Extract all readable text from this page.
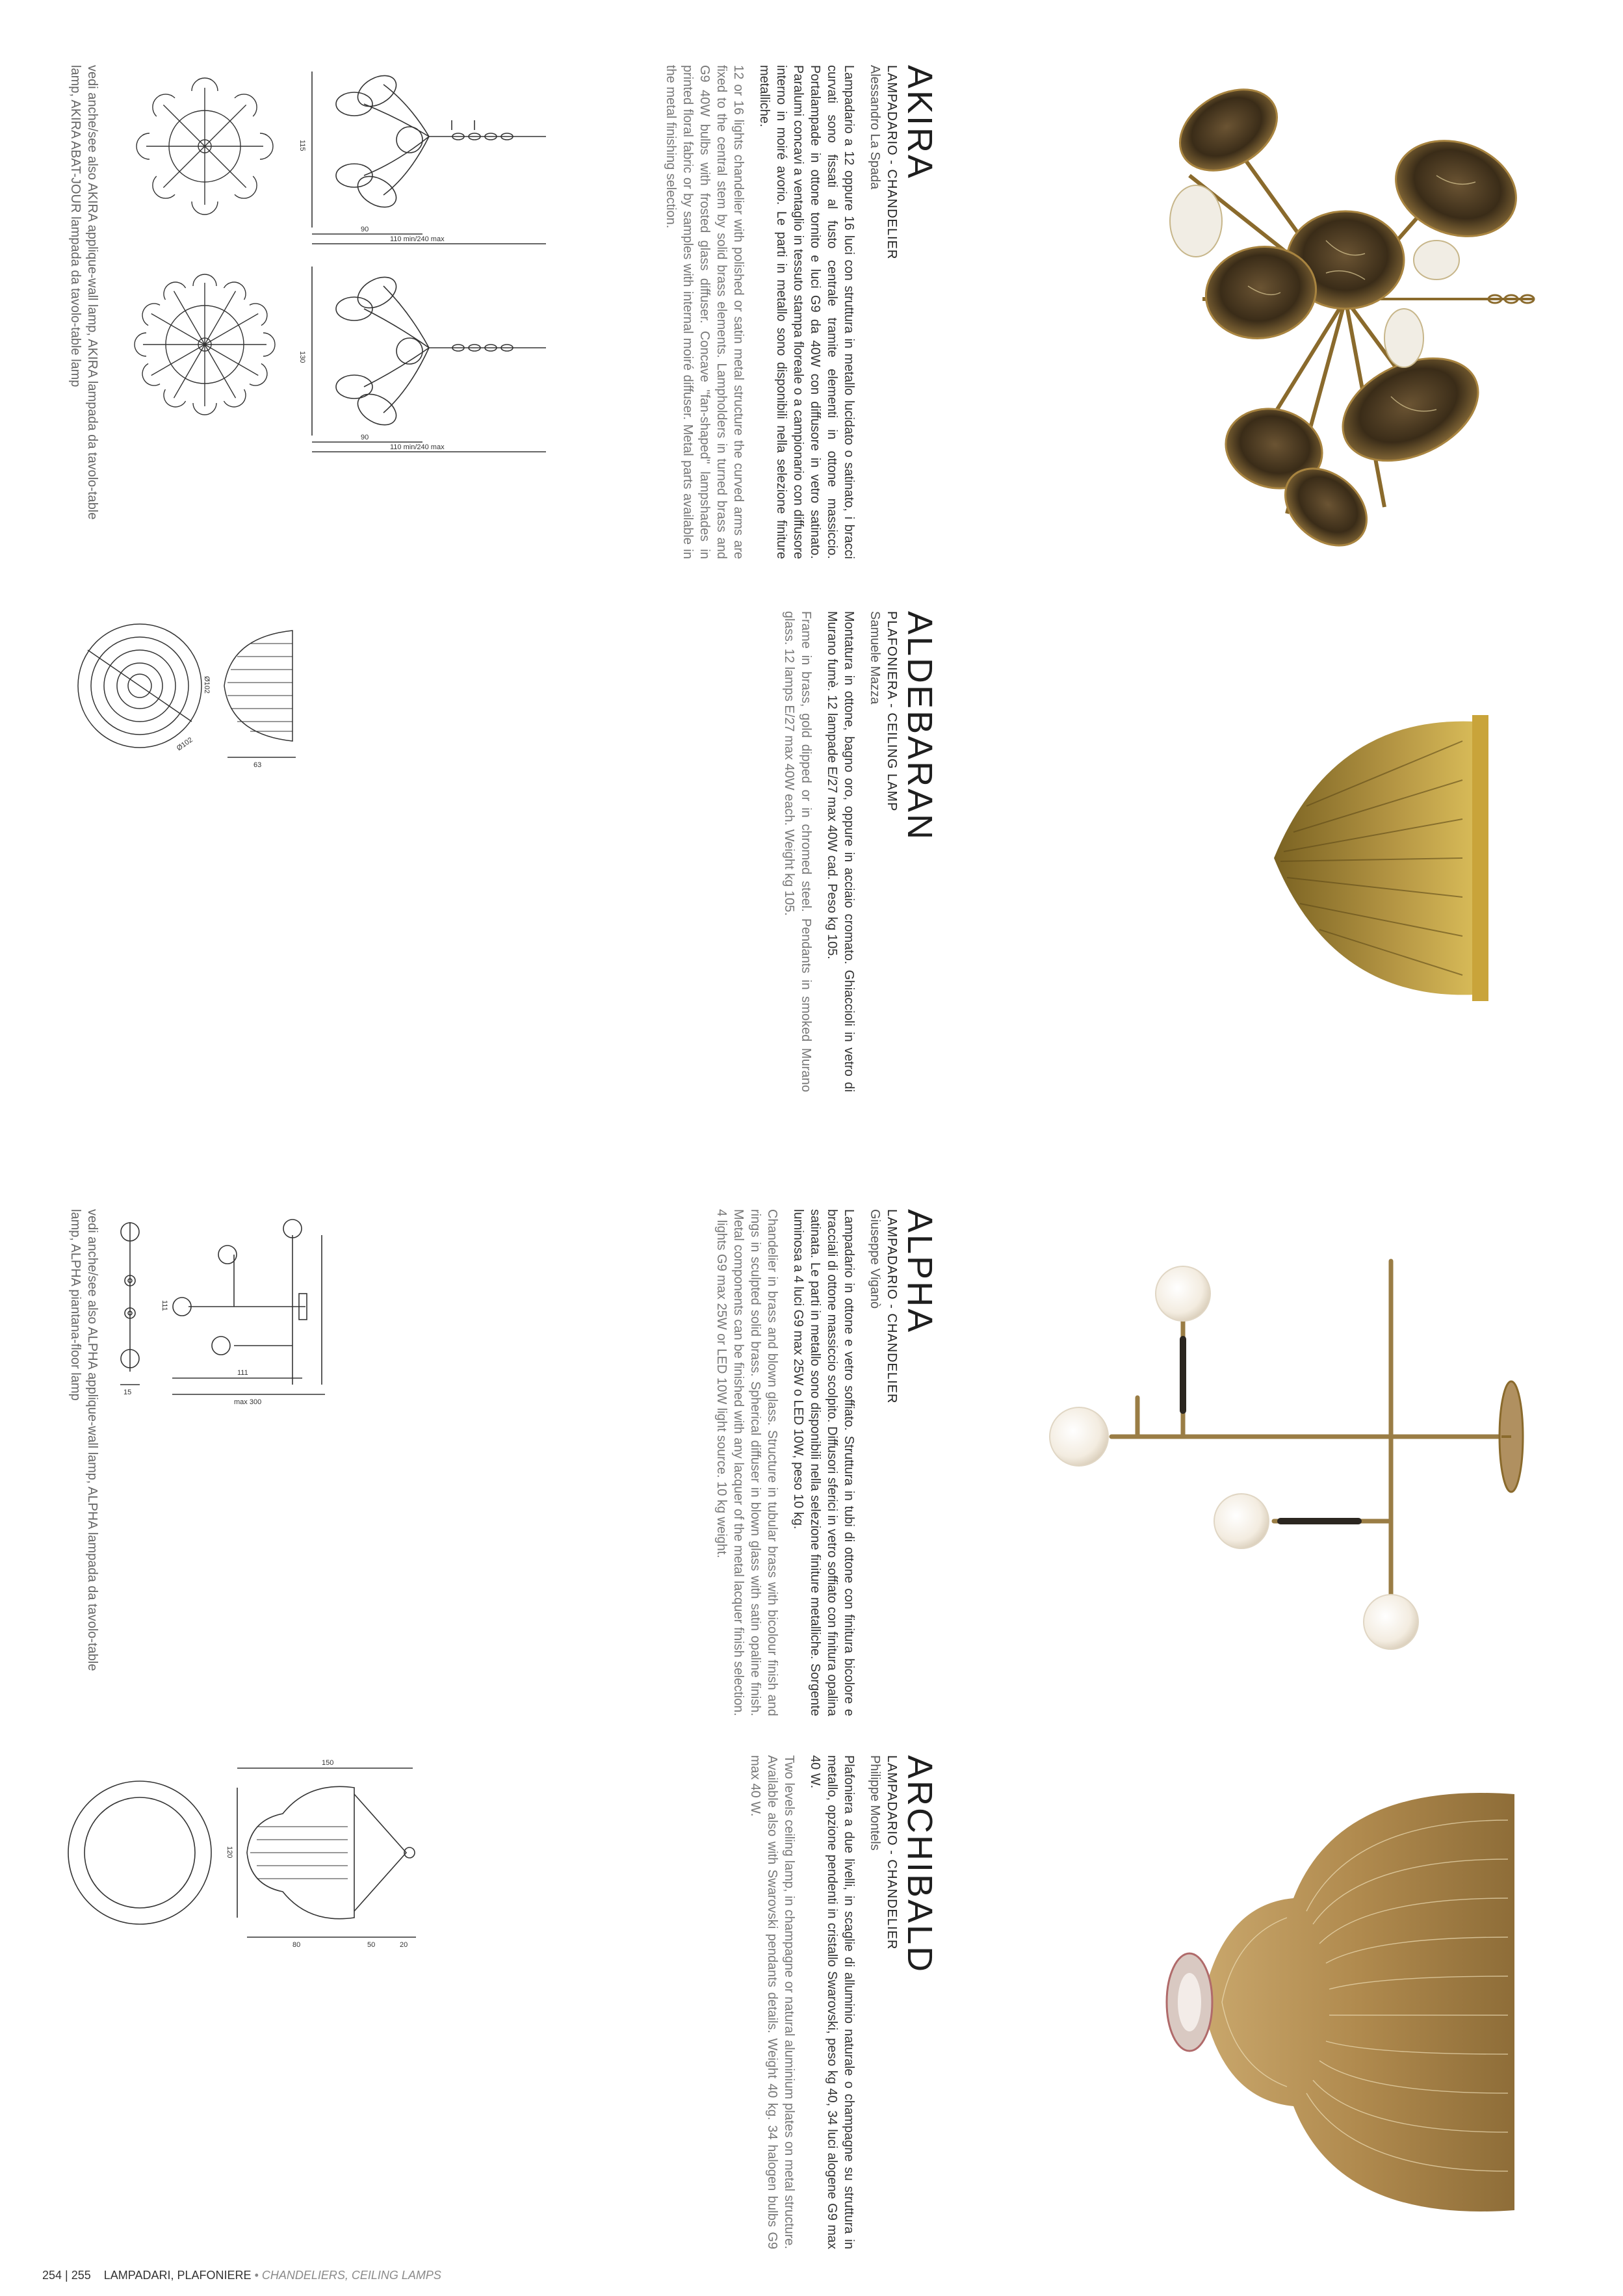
AKIRA
LAMPADARIO - CHANDELIER
Alessandro La Spada
Lampadario a 12 oppure 16 luci con struttura in metallo lucidato o satinato, i bracci curvati sono fissati al fusto centrale tramite elementi in ottone massiccio. Portalampade in ottone tornito e luci G9 da 40W con diffusore in vetro satinato. Paralumi concavi a ventaglio in tessuto stampa floreale o a campionario con diffusore interno in moiré avorio. Le parti in metallo sono disponibili nella selezione finiture metalliche.
12 or 16 lights chandelier with polished or satin metal structure the curved arms are fixed to the central stem by solid brass elements. Lampholders in turned brass and G9 40W bulbs with frosted glass diffuser. Concave "fan-shaped" lampshades in printed floral fabric or by samples with internal moiré diffuser. Metal parts available in the metal finishing selection.
115
90
110 min/240 max
130
90
110 min/240 max
vedi anche/see also AKIRA applique-wall lamp, AKIRA lampada da tavolo-table lamp, AKIRA ABAT-JOUR lampada da tavolo-table lamp
ALDEBARAN
PLAFONIERA - CEILING LAMP
Samuele Mazza
Montatura in ottone, bagno oro, oppure in acciaio cromato. Ghiaccioli in vetro di Murano fumè. 12 lampade E/27 max 40W cad. Peso kg 105.
Frame in brass, gold dipped or in chromed steel. Pendants in smoked Murano glass. 12 lamps E/27 max 40W each. Weight kg 105.
Ø102
63
Ø102
ALPHA
LAMPADARIO - CHANDELIER
Giuseppe Viganò
Lampadario in ottone e vetro soffiato. Struttura in tubi di ottone con finitura bicolore e bracciali di ottone massiccio scolpito. Diffusori sferici in vetro soffiato con finitura opalina satinata. Le parti in metallo sono disponibili nella selezione finiture metalliche. Sorgente luminosa a 4 luci G9 max 25W o LED 10W, peso 10 kg.
Chandelier in brass and blown glass. Structure in tubular brass with bicolour finish and rings in sculpted solid brass. Spherical diffuser in blown glass with satin opaline finish. Metal components can be finished with any lacquer of the metal lacquer finish selection. 4 lights G9 max 25W or LED 10W light source. 10 kg weight.
111
111
max 300
15
vedi anche/see also ALPHA applique-wall lamp, ALPHA lampada da tavolo-table lamp, ALPHA piantana-floor lamp
ARCHIBALD
LAMPADARIO - CHANDELIER
Philippe Montels
Plafoniera a due livelli, in scaglie di alluminio naturale o champagne su struttura in metallo, opzione pendenti in cristallo Swarovski, peso kg 40, 34 luci alogene G9 max 40 W.
Two levels ceiling lamp, in champagne or natural aluminium plates on metal structure. Available also with Swarovski pendants details. Weight 40 kg. 34 halogen bulbs G9 max 40 W.
150
120
80	50	20
254 | 255 LAMPADARI, PLAFONIERE • CHANDELIERS, CEILING LAMPS
